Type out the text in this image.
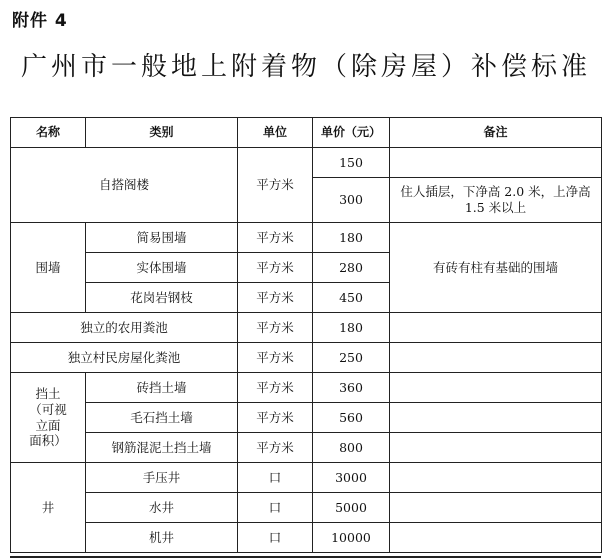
附件 4
广州市一般地上附着物（除房屋）补偿标准
名称	类别	单位	单价（元）	备注
自搭阁楼		平方米	150	
			300	住人插层，下净高 2.0 米，上净高 1.5 米以上
围墙	简易围墙	平方米	180	有砖有柱有基础的围墙
	实体围墙	平方米	280	
	花岗岩钢枝	平方米	450	
独立的农用粪池		平方米	180	
独立村民房屋化粪池		平方米	250	
挡土
（可视
立面
面积）	砖挡土墙	平方米	360	
	毛石挡土墙	平方米	560	
	钢筋混泥土挡土墙	平方米	800	
井	手压井	口	3000	
	水井	口	5000	
	机井	口	10000	
